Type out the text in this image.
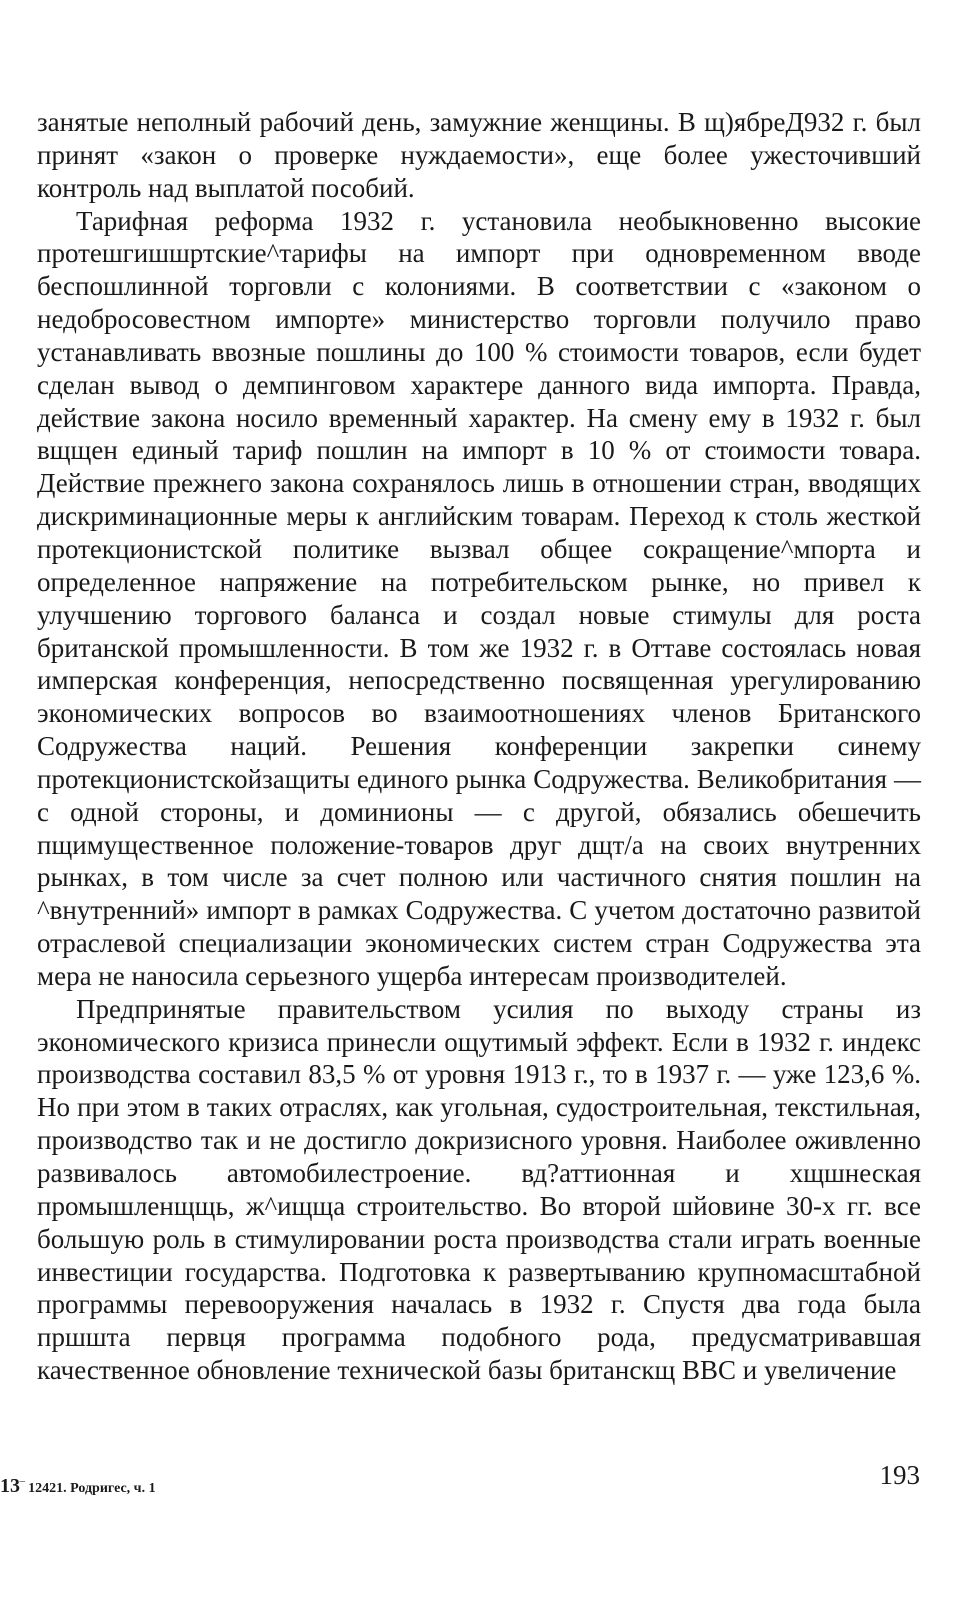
занятые неполный рабочий день, замужние женщины. В щ)ябреД932 г. был принят «закон о проверке нуждаемости», еще более ужесточивший контроль над выплатой пособий.

Тарифная реформа 1932 г. установила необыкновенно высокие протешгишшртские^тарифы на импорт при одновременном вводе беспошлинной торговли с колониями. В соответствии с «законом о недобросовестном импорте» министерство торговли получило право устанавливать ввозные пошлины до 100 % стоимости товаров, если будет сделан вывод о демпинговом характере данного вида импорта. Правда, действие закона носило временный характер. На смену ему в 1932 г. был вщщен единый тариф пошлин на импорт в 10 % от стоимости товара. Действие прежнего закона сохранялось лишь в отношении стран, вводящих дискриминационные меры к английским товарам. Переход к столь жесткой протекционистской политике вызвал общее сокращение^мпорта и определенное напряжение на потребительском рынке, но привел к улучшению торгового баланса и создал новые стимулы для роста британской промышленности. В том же 1932 г. в Оттаве состоялась новая имперская конференция, непосредственно посвященная урегулированию экономических вопросов во взаимоотношениях членов Британского Содружества наций. Решения конференции закрепки синему протекционистскойзащиты единого рынка Содружества. Великобритания — с одной стороны, и доминионы — с другой, обязались обешечить пщимущественное положение-товаров друг дщт/а на своих внутренних рынках, в том числе за счет полною или частичного снятия пошлин на ^внутренний» импорт в рамках Содружества. С учетом достаточно развитой отраслевой специализации экономических систем стран Содружества эта мера не наносила серьезного ущерба интересам производителей.

Предпринятые правительством усилия по выходу страны из экономического кризиса принесли ощутимый эффект. Если в 1932 г. индекс производства составил 83,5 % от уровня 1913 г., то в 1937 г. — уже 123,6 %. Но при этом в таких отраслях, как угольная, судостроительная, текстильная, производство так и не достигло докризисного уровня. Наиболее оживленно развивалось автомобилестроение. вд?аттионная и хщшнеская промышленщщь, ж^ищща строительство. Во второй шйовине 30-х гг. все большую роль в стимулировании роста производства стали играть военные инвестиции государства. Подготовка к развертыванию крупномасштабной программы перевооружения началась в 1932 г. Спустя два года была пршшта первця программа подобного рода, предусматривавшая качественное обновление технической базы британскщ ВВС и увеличение

13‾ 12421. Родригес, ч. 1	193
